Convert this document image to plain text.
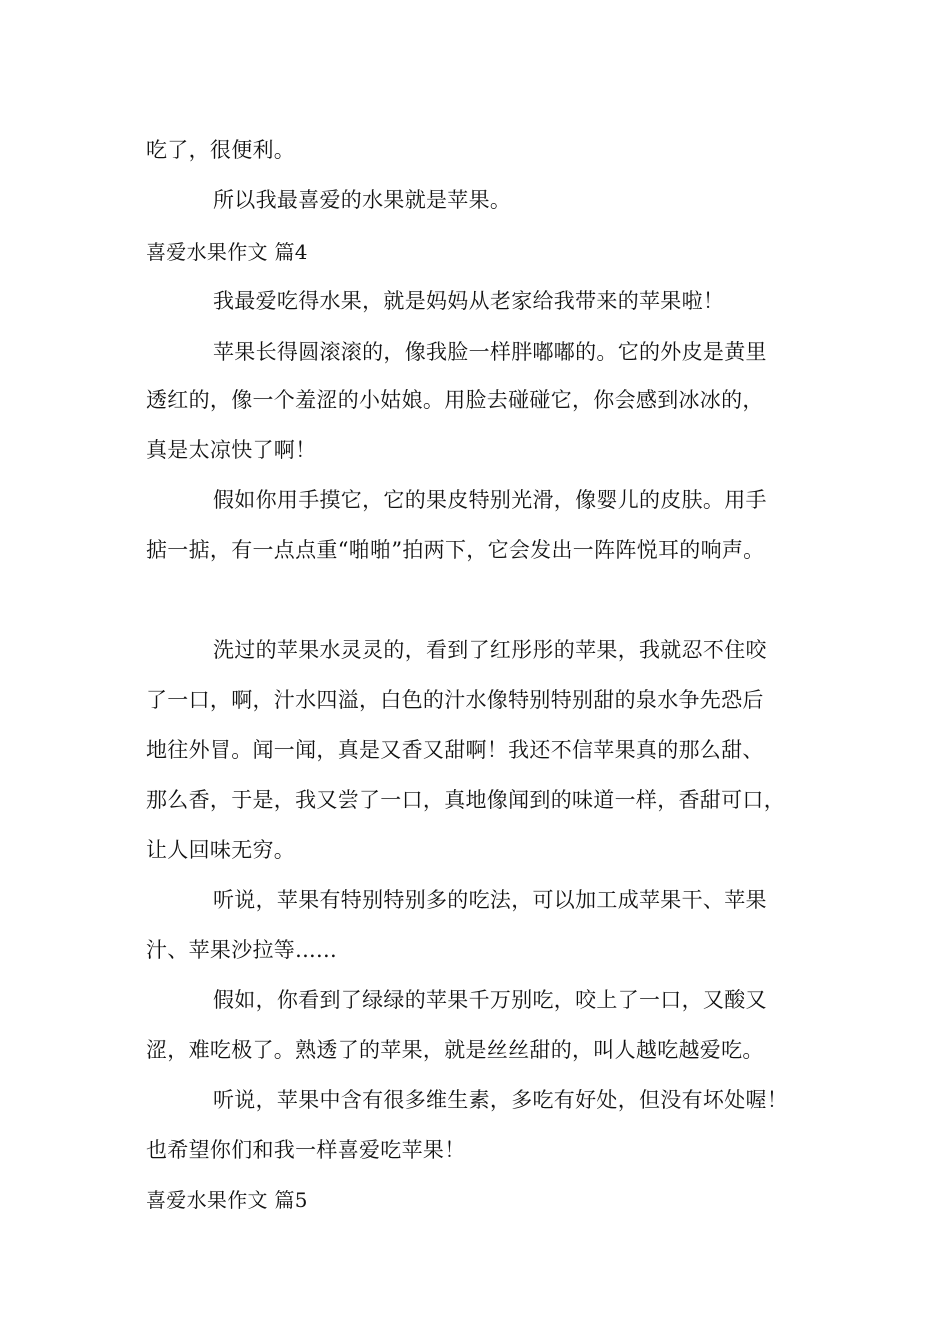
吃了，很便利。
所以我最喜爱的水果就是苹果。
喜爱水果作文 篇4
我最爱吃得水果，就是妈妈从老家给我带来的苹果啦！
苹果长得圆滚滚的，像我脸一样胖嘟嘟的。它的外皮是黄里
透红的，像一个羞涩的小姑娘。用脸去碰碰它，你会感到冰冰的，
真是太凉快了啊！
假如你用手摸它，它的果皮特别光滑，像婴儿的皮肤。用手
掂一掂，有一点点重“啪啪”拍两下，它会发出一阵阵悦耳的响声。
洗过的苹果水灵灵的，看到了红彤彤的苹果，我就忍不住咬
了一口，啊，汁水四溢，白色的汁水像特别特别甜的泉水争先恐后
地往外冒。闻一闻，真是又香又甜啊！我还不信苹果真的那么甜、
那么香，于是，我又尝了一口，真地像闻到的味道一样，香甜可口，
让人回味无穷。
听说，苹果有特别特别多的吃法，可以加工成苹果干、苹果
汁、苹果沙拉等......
假如，你看到了绿绿的苹果千万别吃，咬上了一口，又酸又
涩，难吃极了。熟透了的苹果，就是丝丝甜的，叫人越吃越爱吃。
听说，苹果中含有很多维生素，多吃有好处，但没有坏处喔！
也希望你们和我一样喜爱吃苹果！
喜爱水果作文 篇5
